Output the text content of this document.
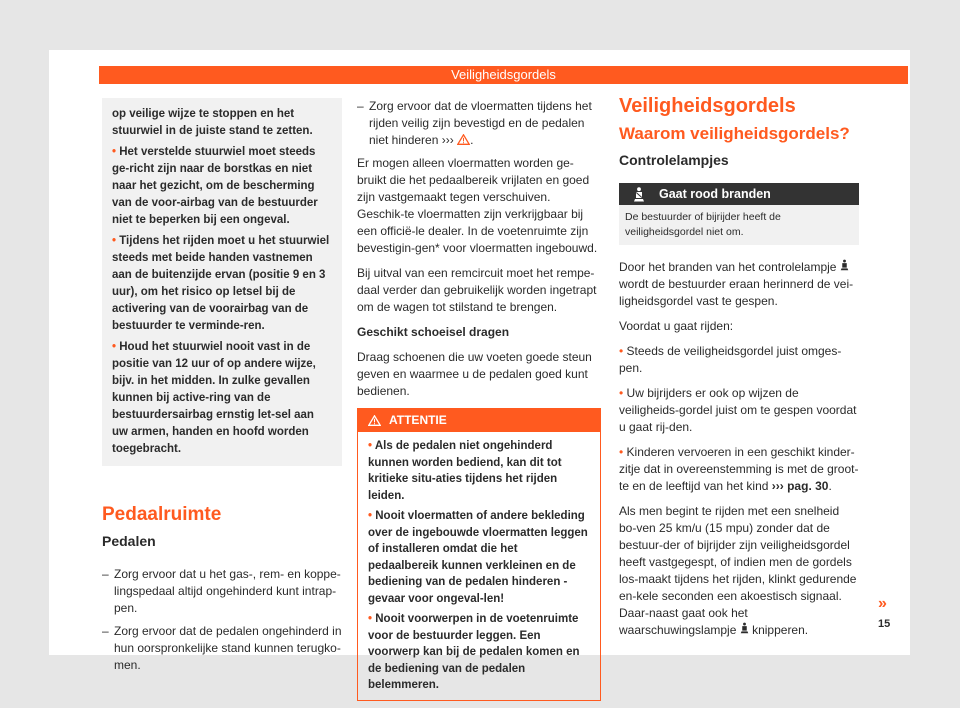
Veiligheidsgordels

op veilige wijze te stoppen en het stuurwiel in de juiste stand te zetten.

• Het verstelde stuurwiel moet steeds ge-richt zijn naar de borstkas en niet naar het gezicht, om de bescherming van de voor-airbag van de bestuurder niet te beperken bij een ongeval.

• Tijdens het rijden moet u het stuurwiel steeds met beide handen vastnemen aan de buitenzijde ervan (positie 9 en 3 uur), om het risico op letsel bij de activering van de voorairbag van de bestuurder te verminde-ren.

• Houd het stuurwiel nooit vast in de positie van 12 uur of op andere wijze, bijv. in het midden. In zulke gevallen kunnen bij active-ring van de bestuurdersairbag ernstig let-sel aan uw armen, handen en hoofd worden toegebracht.

Pedaalruimte
Pedalen
– Zorg ervoor dat u het gas-, rem- en koppe-lingspedaal altijd ongehinderd kunt intrap-pen.
– Zorg ervoor dat de pedalen ongehinderd in hun oorspronkelijke stand kunnen terugko-men.
– Zorg ervoor dat de vloermatten tijdens het rijden veilig zijn bevestigd en de pedalen niet hinderen ››› .

Er mogen alleen vloermatten worden ge-bruikt die het pedaalbereik vrijlaten en goed zijn vastgemaakt tegen verschuiven. Geschik-te vloermatten zijn verkrijgbaar bij een officië-le dealer. In de voetenruimte zijn bevestigin-gen* voor vloermatten ingebouwd.

Bij uitval van een remcircuit moet het rempe-daal verder dan gebruikelijk worden ingetrapt om de wagen tot stilstand te brengen.

Geschikt schoeisel dragen

Draag schoenen die uw voeten goede steun geven en waarmee u de pedalen goed kunt bedienen.

ATTENTIE

• Als de pedalen niet ongehinderd kunnen worden bediend, kan dit tot kritieke situ-aties tijdens het rijden leiden.

• Nooit vloermatten of andere bekleding over de ingebouwde vloermatten leggen of installeren omdat die het pedaalbereik kunnen verkleinen en de bediening van de pedalen hinderen - gevaar voor ongeval-len!

• Nooit voorwerpen in de voetenruimte voor de bestuurder leggen. Een voorwerp kan bij de pedalen komen en de bediening van de pedalen belemmeren.

Veiligheidsgordels
Waarom veiligheidsgordels?
Controlelampjes
Gaat rood branden
De bestuurder of bijrijder heeft de veiligheidsgordel niet om.

Door het branden van het controlelampje  wordt de bestuurder eraan herinnerd de vei-ligheidsgordel vast te gespen.

Voordat u gaat rijden:

• Steeds de veiligheidsgordel juist omges-pen.

• Uw bijrijders er ook op wijzen de veiligheids-gordel juist om te gespen voordat u gaat rij-den.

• Kinderen vervoeren in een geschikt kinder-zitje dat in overeenstemming is met de groot-te en de leeftijd van het kind ››› pag. 30.

Als men begint te rijden met een snelheid bo-ven 25 km/u (15 mpu) zonder dat de bestuur-der of bijrijder zijn veiligheidsgordel heeft vastgegespt, of indien men de gordels los-maakt tijdens het rijden, klinkt gedurende en-kele seconden een akoestisch signaal. Daar-naast gaat ook het waarschuwingslampje knipperen.

»
15
